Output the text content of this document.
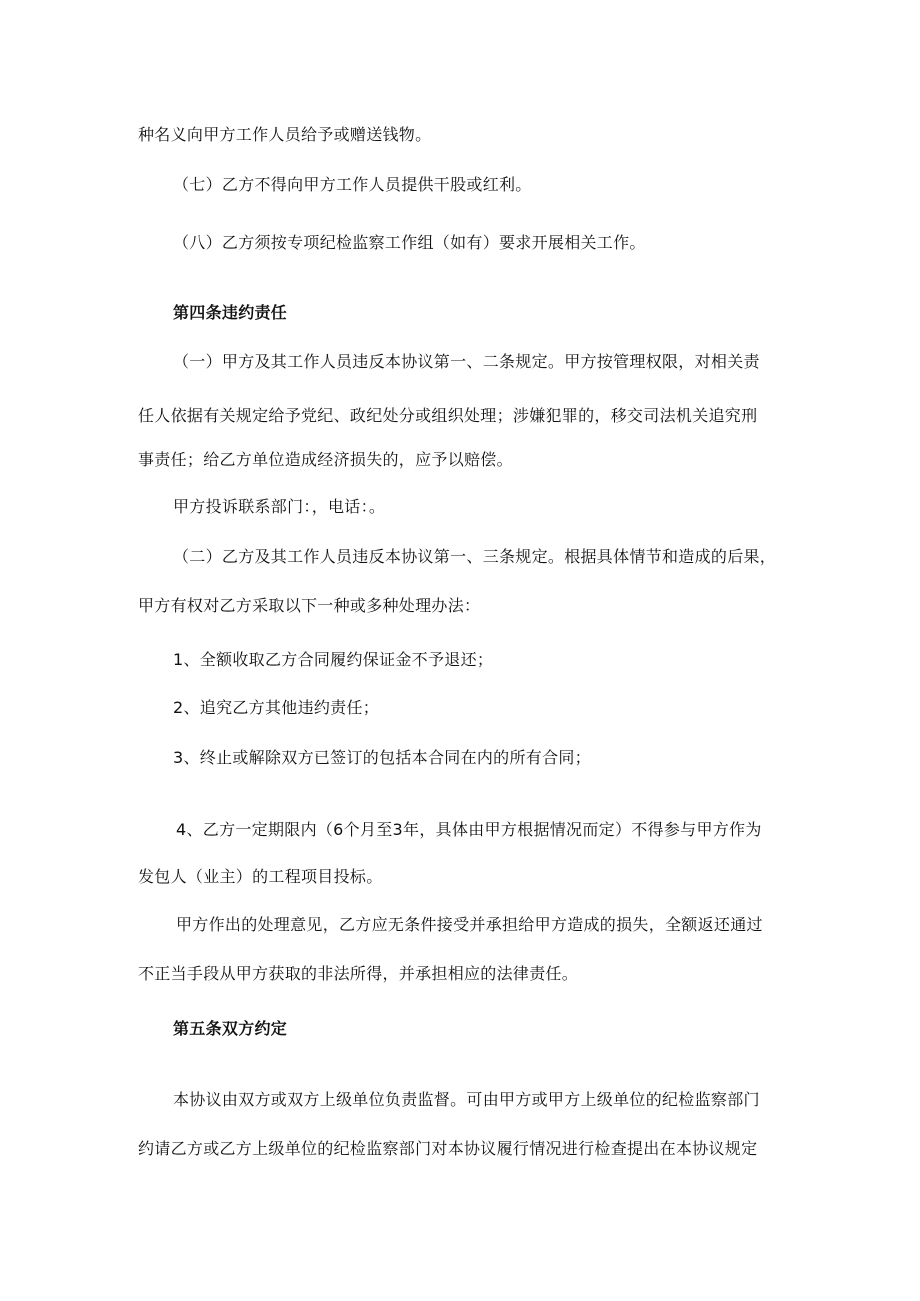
种名义向甲方工作人员给予或赠送钱物。
（七）乙方不得向甲方工作人员提供干股或红利。
（八）乙方须按专项纪检监察工作组（如有）要求开展相关工作。
第四条违约责任
（一）甲方及其工作人员违反本协议第一、二条规定。甲方按管理权限，对相关责
任人依据有关规定给予党纪、政纪处分或组织处理；涉嫌犯罪的，移交司法机关追究刑
事责任；给乙方单位造成经济损失的，应予以赔偿。
甲方投诉联系部门：，电话：。
（二）乙方及其工作人员违反本协议第一、三条规定。根据具体情节和造成的后果，
甲方有权对乙方采取以下一种或多种处理办法：
1、全额收取乙方合同履约保证金不予退还；
2、追究乙方其他违约责任；
3、终止或解除双方已签订的包括本合同在内的所有合同；
4、乙方一定期限内（6个月至3年，具体由甲方根据情况而定）不得参与甲方作为
发包人（业主）的工程项目投标。
甲方作出的处理意见，乙方应无条件接受并承担给甲方造成的损失，全额返还通过
不正当手段从甲方获取的非法所得，并承担相应的法律责任。
第五条双方约定
本协议由双方或双方上级单位负责监督。可由甲方或甲方上级单位的纪检监察部门
约请乙方或乙方上级单位的纪检监察部门对本协议履行情况进行检查提出在本协议规定
